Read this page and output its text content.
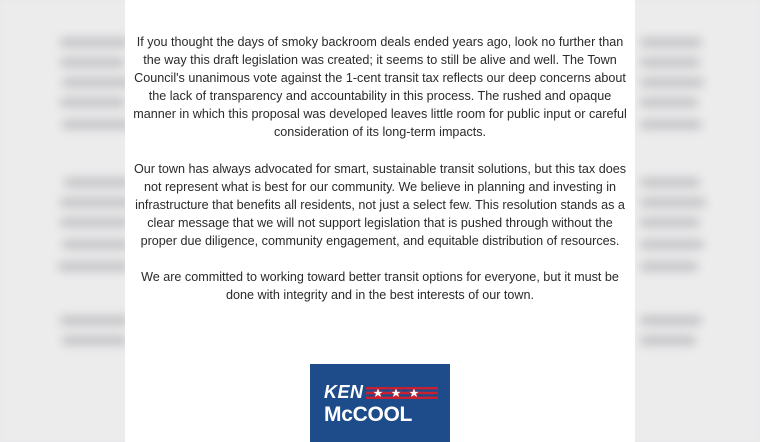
If you thought the days of smoky backroom deals ended years ago, look no further than the way this draft legislation was created; it seems to still be alive and well. The Town Council's unanimous vote against the 1-cent transit tax reflects our deep concerns about the lack of transparency and accountability in this process. The rushed and opaque manner in which this proposal was developed leaves little room for public input or careful consideration of its long-term impacts.

Our town has always advocated for smart, sustainable transit solutions, but this tax does not represent what is best for our community. We believe in planning and investing in infrastructure that benefits all residents, not just a select few. This resolution stands as a clear message that we will not support legislation that is pushed through without the proper due diligence, community engagement, and equitable distribution of resources.

We are committed to working toward better transit options for everyone, but it must be done with integrity and in the best interests of our town.

KEN
McCOOL
